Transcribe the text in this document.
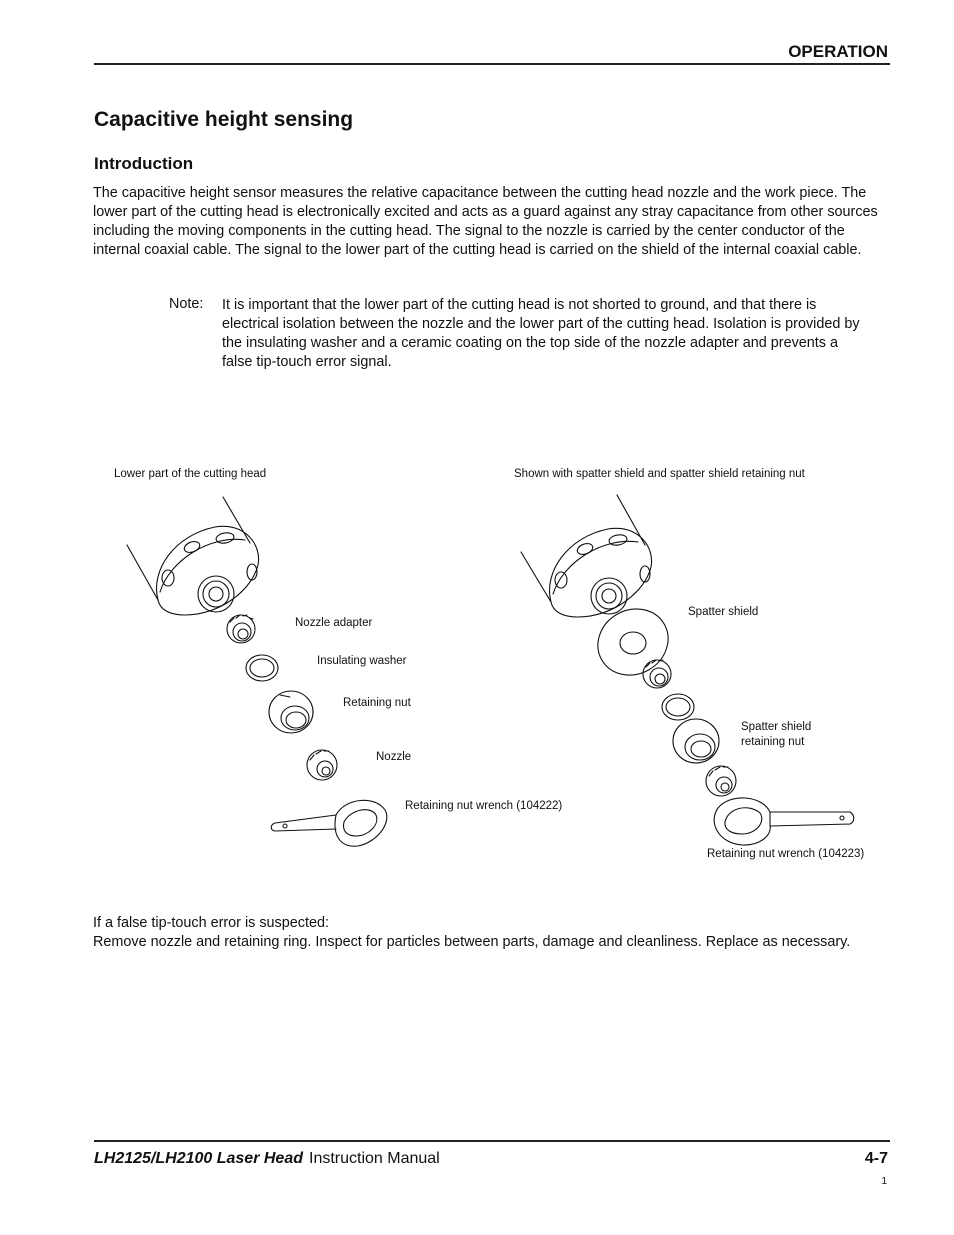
OPERATION
Capacitive height sensing
Introduction
The capacitive height sensor measures the relative capacitance between the cutting head nozzle and the work piece. The lower part of the cutting head is electronically excited and acts as a guard against any stray capacitance from other sources including the moving components in the cutting head. The signal to the nozzle is carried by the center conductor of the internal coaxial cable. The signal to the lower part of the cutting head is carried on the shield of the internal coaxial cable.
Note: It is important that the lower part of the cutting head is not shorted to ground, and that there is electrical isolation between the nozzle and the lower part of the cutting head. Isolation is provided by the insulating washer and a ceramic coating on the top side of the nozzle adapter and prevents a false tip-touch error signal.
Lower part of the cutting head	Shown with spatter shield and spatter shield retaining nut
Nozzle adapter
Insulating washer
Retaining nut
Nozzle
Retaining nut wrench (104222)
Spatter shield
Spatter shield
retaining nut
Retaining nut wrench (104223)
If a false tip-touch error is suspected:
Remove nozzle and retaining ring. Inspect for particles between parts, damage and cleanliness. Replace as necessary.
LH2125/LH2100 Laser Head Instruction Manual	4-7
1
